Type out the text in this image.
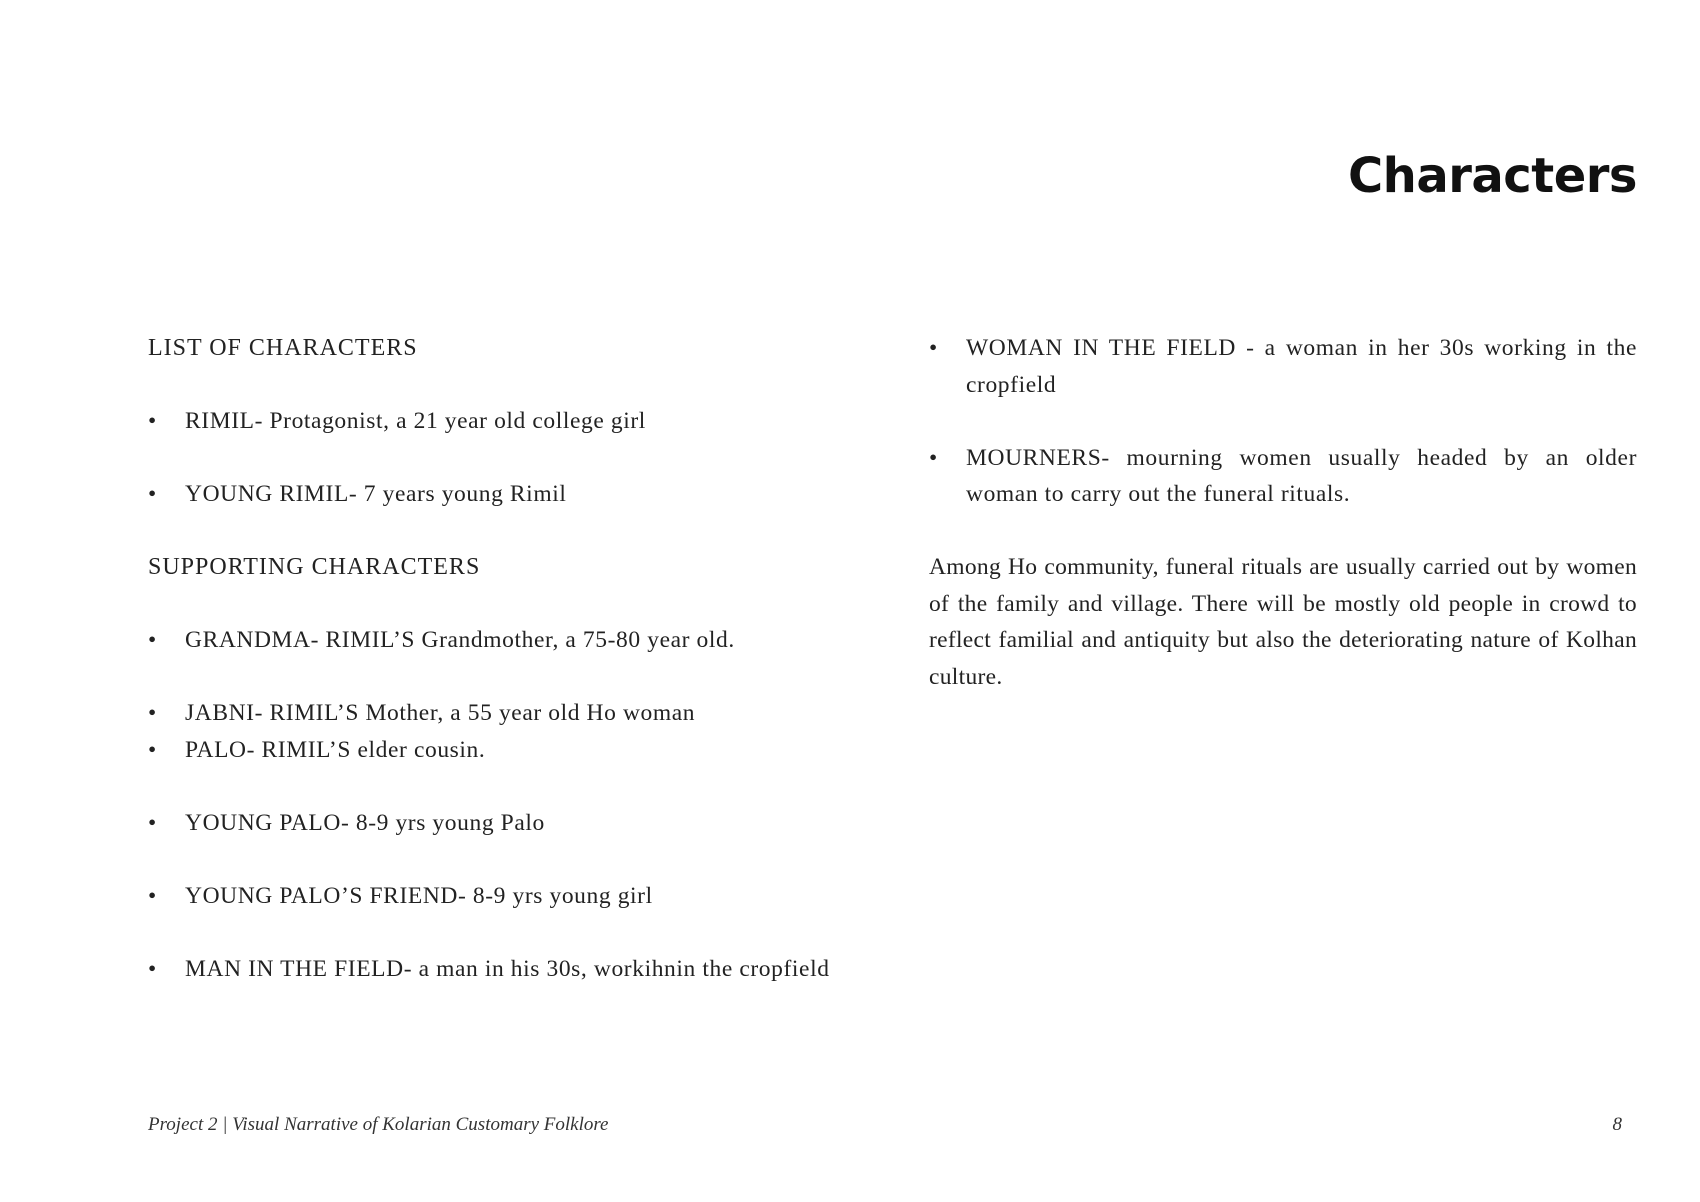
Characters
LIST OF CHARACTERS
• RIMIL- Protagonist, a 21 year old college girl
• YOUNG RIMIL- 7 years young Rimil
SUPPORTING CHARACTERS
• GRANDMA- RIMIL’S Grandmother, a 75-80 year old.
• JABNI- RIMIL’S Mother, a 55 year old Ho woman
• PALO- RIMIL’S elder cousin.
• YOUNG PALO- 8-9 yrs young Palo
• YOUNG PALO’S FRIEND- 8-9 yrs young girl
• MAN IN THE FIELD- a man in his 30s, workihnin the cropfield
• WOMAN IN THE FIELD - a woman in her 30s working in the cropfield
• MOURNERS- mourning women usually headed by an older woman to carry out the funeral rituals.

Among Ho community, funeral rituals are usually carried out by women of the family and village. There will be mostly old people in crowd to reflect familial and antiquity but also the deteriorating nature of Kolhan culture.

Project 2 | Visual Narrative of Kolarian Customary Folklore	8
